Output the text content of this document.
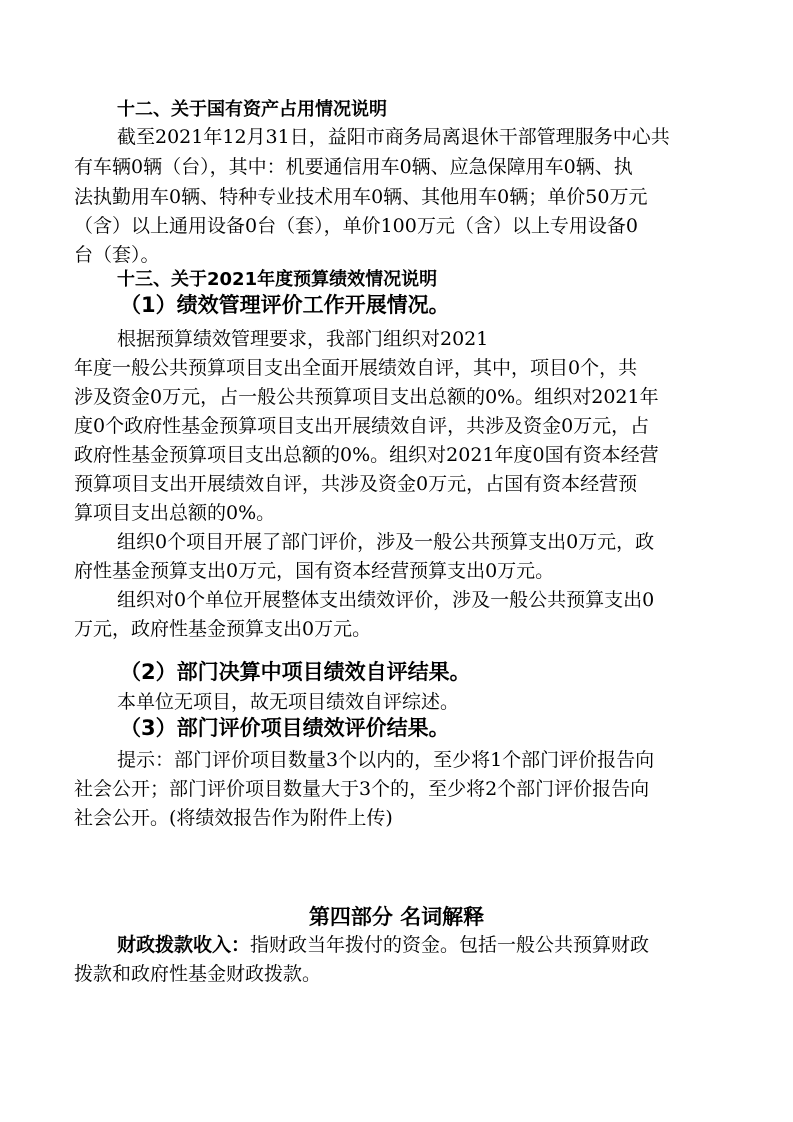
十二、关于国有资产占用情况说明
截至2021年12月31日，益阳市商务局离退休干部管理服务中心共
有车辆0辆（台），其中：机要通信用车0辆、应急保障用车0辆、执
法执勤用车0辆、特种专业技术用车0辆、其他用车0辆；单价50万元
（含）以上通用设备0台（套），单价100万元（含）以上专用设备0
台（套）。
十三、关于2021年度预算绩效情况说明
（1）绩效管理评价工作开展情况。
根据预算绩效管理要求，我部门组织对2021
年度一般公共预算项目支出全面开展绩效自评，其中，项目0个，共
涉及资金0万元，占一般公共预算项目支出总额的0%。组织对2021年
度0个政府性基金预算项目支出开展绩效自评，共涉及资金0万元，占
政府性基金预算项目支出总额的0%。组织对2021年度0国有资本经营
预算项目支出开展绩效自评，共涉及资金0万元，占国有资本经营预
算项目支出总额的0%。
组织0个项目开展了部门评价，涉及一般公共预算支出0万元，政
府性基金预算支出0万元，国有资本经营预算支出0万元。
组织对0个单位开展整体支出绩效评价，涉及一般公共预算支出0
万元，政府性基金预算支出0万元。
（2）部门决算中项目绩效自评结果。
本单位无项目，故无项目绩效自评综述。
（3）部门评价项目绩效评价结果。
提示：部门评价项目数量3个以内的，至少将1个部门评价报告向
社会公开；部门评价项目数量大于3个的，至少将2个部门评价报告向
社会公开。(将绩效报告作为附件上传)
第四部分 名词解释
财政拨款收入：指财政当年拨付的资金。包括一般公共预算财政
拨款和政府性基金财政拨款。
